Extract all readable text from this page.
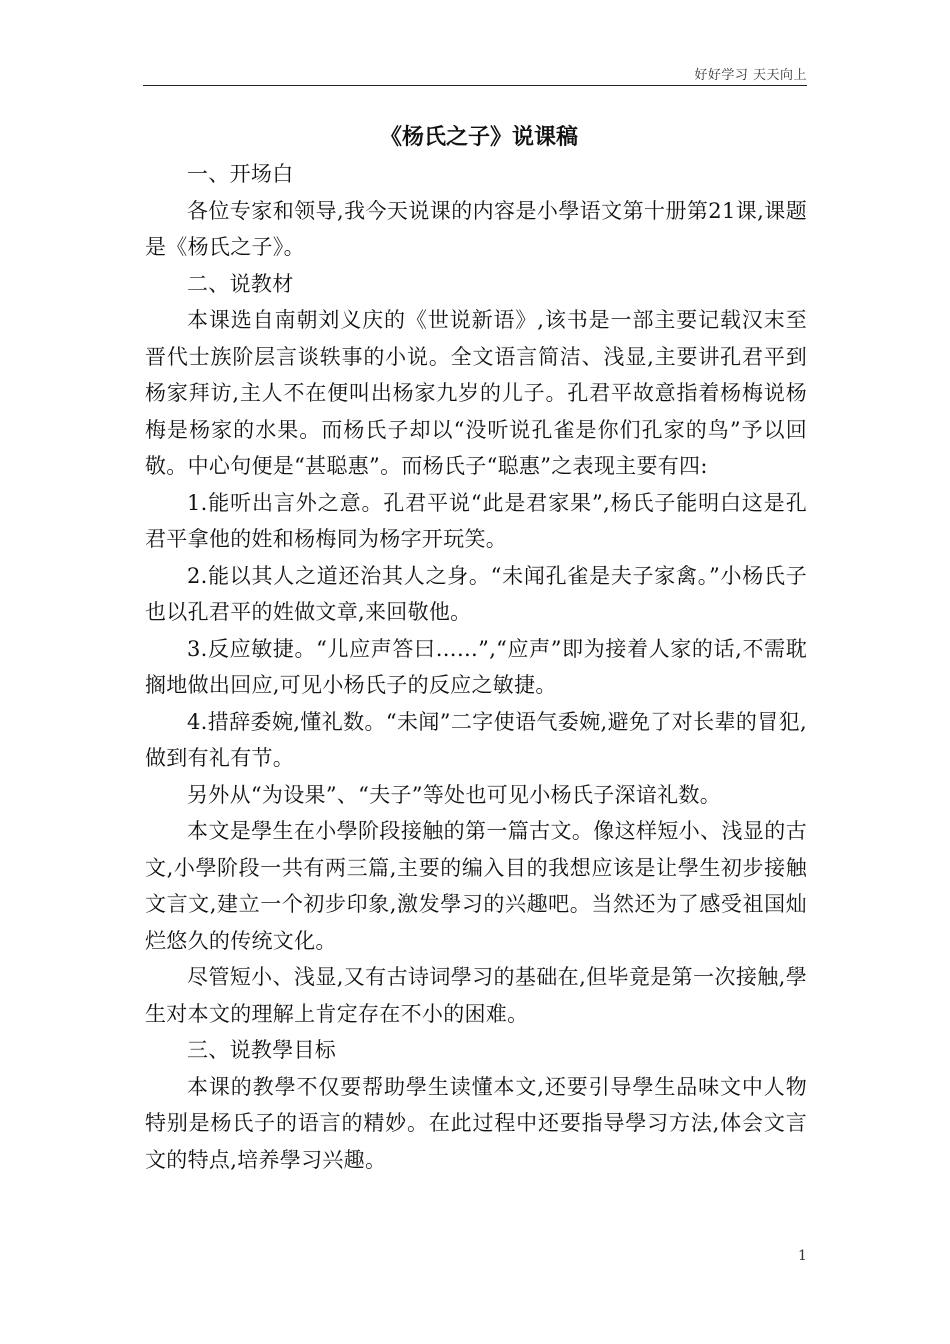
好好学习 天天向上
《杨氏之子》说课稿

一、开场白

各位专家和领导,我今天说课的内容是小學语文第十册第21课,课题是《杨氏之子》。

二、说教材

本课选自南朝刘义庆的《世说新语》,该书是一部主要记载汉末至晋代士族阶层言谈轶事的小说。全文语言简洁、浅显,主要讲孔君平到杨家拜访,主人不在便叫出杨家九岁的儿子。孔君平故意指着杨梅说杨梅是杨家的水果。而杨氏子却以“没听说孔雀是你们孔家的鸟”予以回敬。中心句便是“甚聪惠”。而杨氏子“聪惠”之表现主要有四:

1.能听出言外之意。孔君平说“此是君家果”,杨氏子能明白这是孔君平拿他的姓和杨梅同为杨字开玩笑。

2.能以其人之道还治其人之身。“未闻孔雀是夫子家禽。”小杨氏子也以孔君平的姓做文章,来回敬他。

3.反应敏捷。“儿应声答曰……”,“应声”即为接着人家的话,不需耽搁地做出回应,可见小杨氏子的反应之敏捷。

4.措辞委婉,懂礼数。“未闻”二字使语气委婉,避免了对长辈的冒犯,做到有礼有节。

另外从“为设果”、“夫子”等处也可见小杨氏子深谙礼数。

本文是學生在小學阶段接触的第一篇古文。像这样短小、浅显的古文,小學阶段一共有两三篇,主要的编入目的我想应该是让學生初步接触文言文,建立一个初步印象,激发學习的兴趣吧。当然还为了感受祖国灿烂悠久的传统文化。

尽管短小、浅显,又有古诗词學习的基础在,但毕竟是第一次接触,學生对本文的理解上肯定存在不小的困难。

三、说教學目标

本课的教學不仅要帮助學生读懂本文,还要引导學生品味文中人物特别是杨氏子的语言的精妙。在此过程中还要指导學习方法,体会文言文的特点,培养學习兴趣。

1
